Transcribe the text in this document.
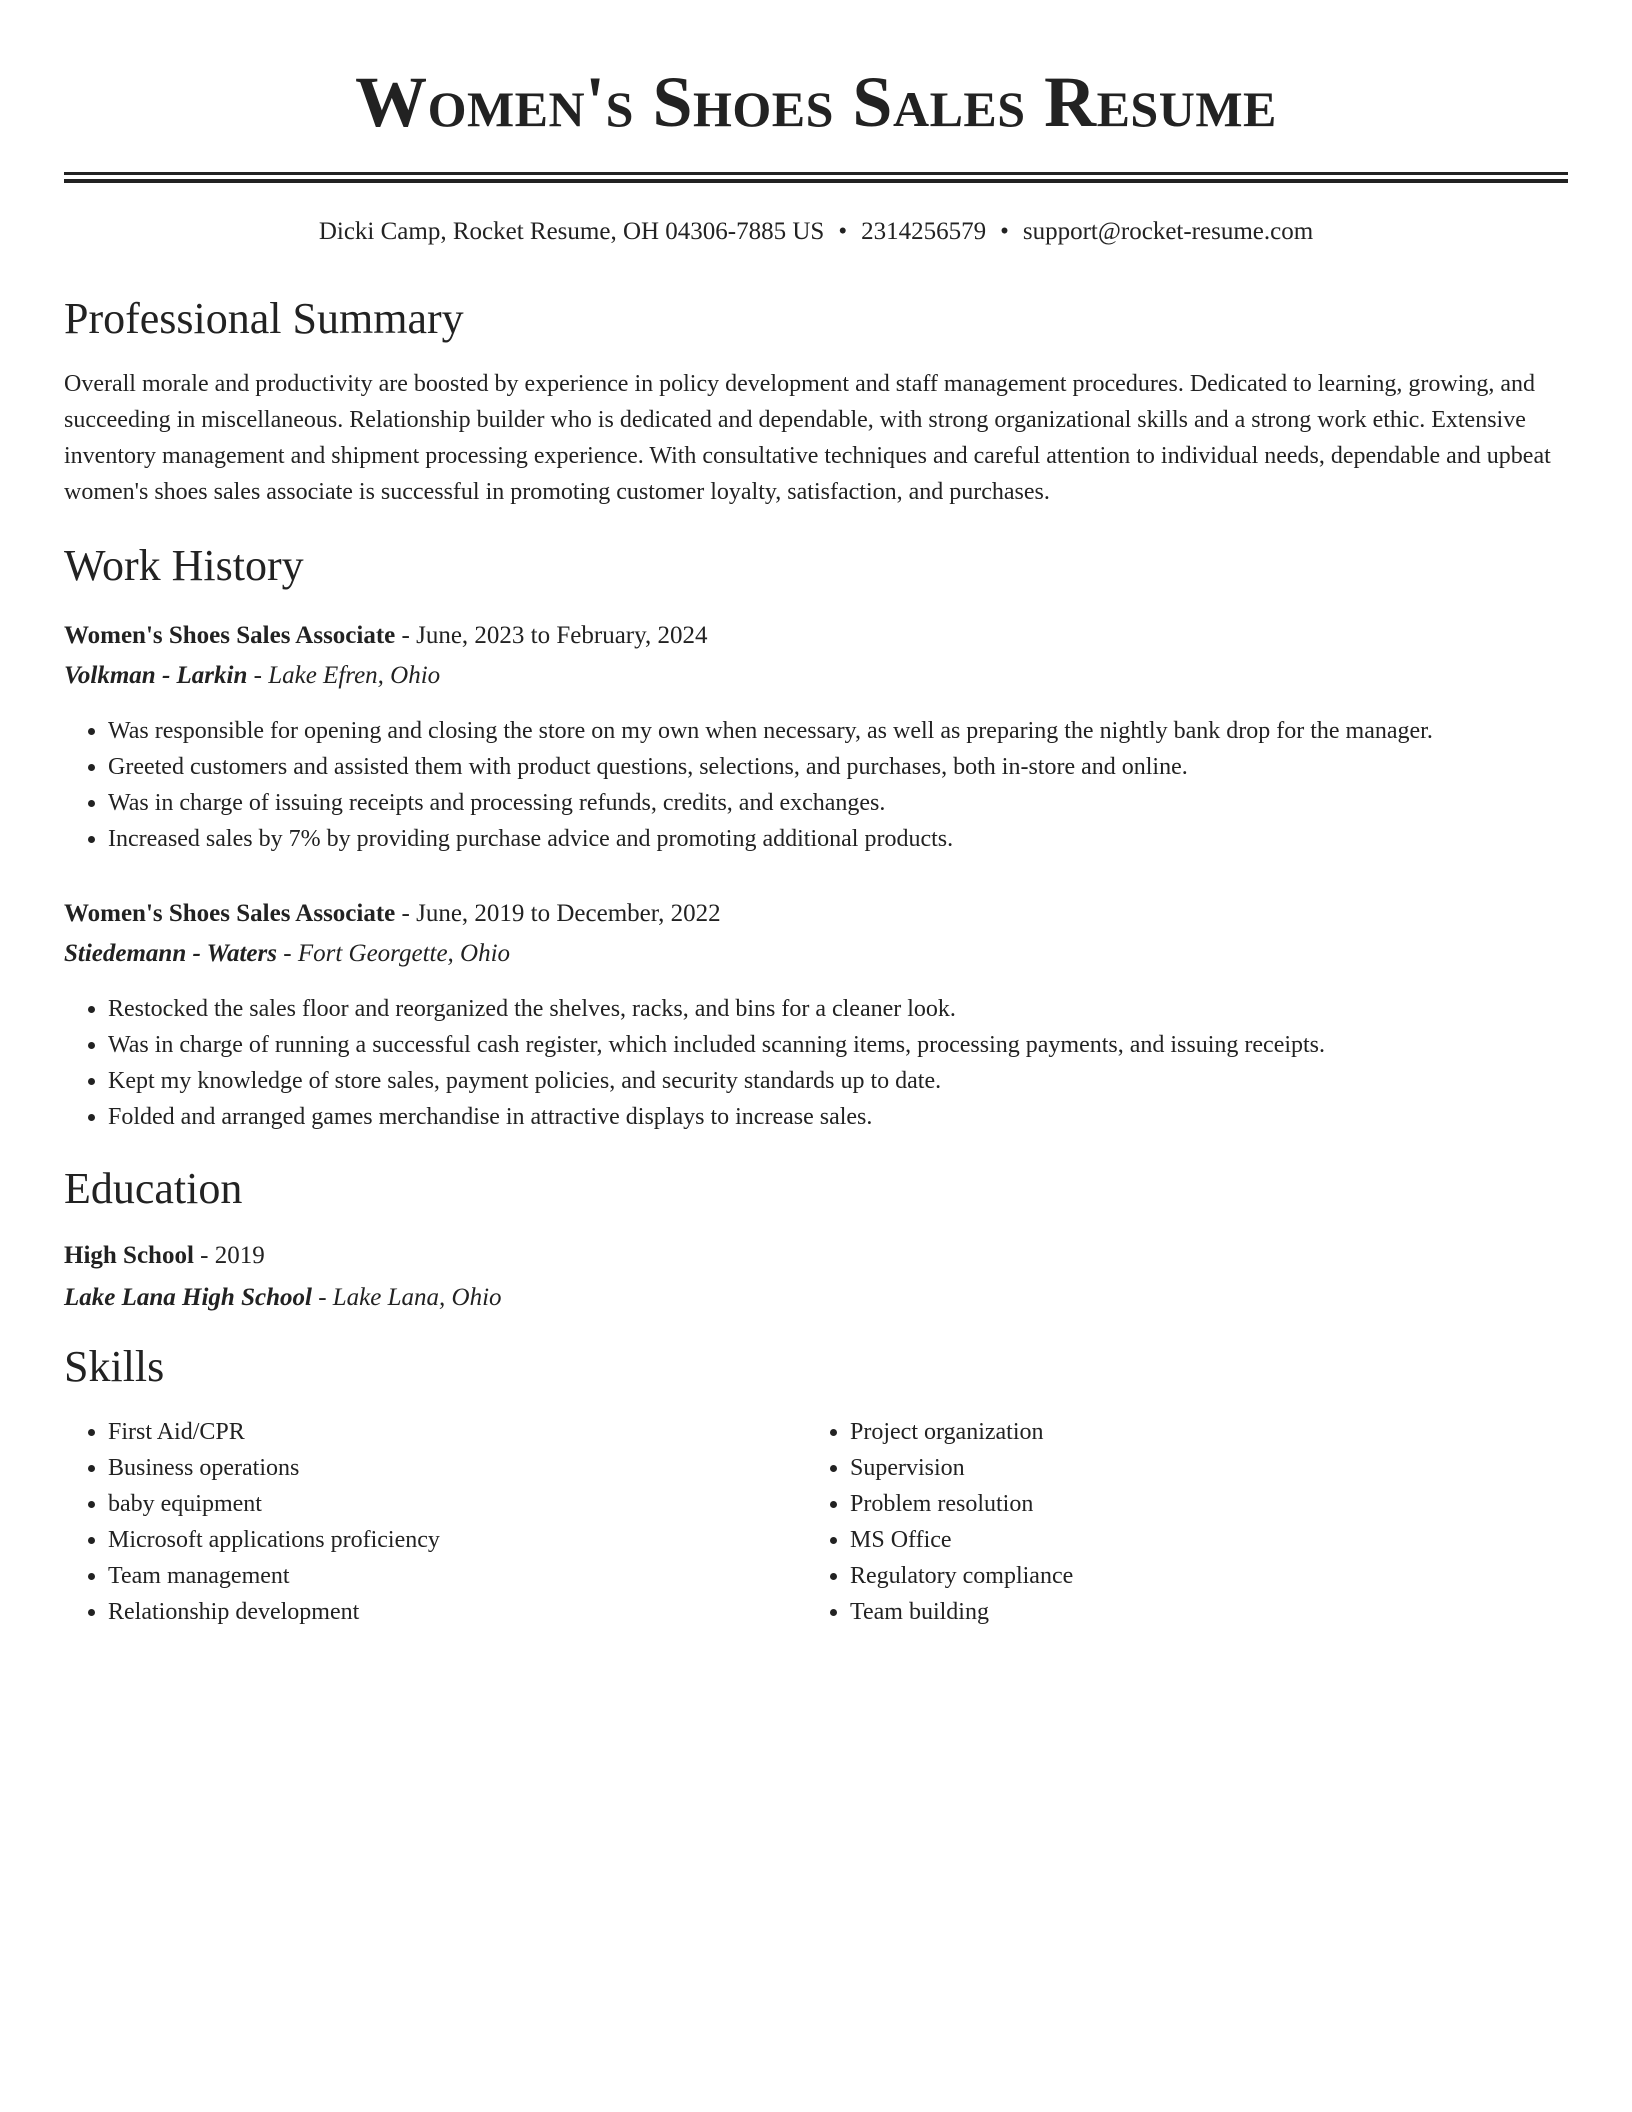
Women's Shoes Sales Resume
Dicki Camp, Rocket Resume, OH 04306-7885 US • 2314256579 • support@rocket-resume.com
Professional Summary

Overall morale and productivity are boosted by experience in policy development and staff management procedures. Dedicated to learning, growing, and succeeding in miscellaneous. Relationship builder who is dedicated and dependable, with strong organizational skills and a strong work ethic. Extensive inventory management and shipment processing experience. With consultative techniques and careful attention to individual needs, dependable and upbeat women's shoes sales associate is successful in promoting customer loyalty, satisfaction, and purchases.

Work History
Women's Shoes Sales Associate - June, 2023 to February, 2024
Volkman - Larkin - Lake Efren, Ohio
• Was responsible for opening and closing the store on my own when necessary, as well as preparing the nightly bank drop for the manager.
• Greeted customers and assisted them with product questions, selections, and purchases, both in-store and online.
• Was in charge of issuing receipts and processing refunds, credits, and exchanges.
• Increased sales by 7% by providing purchase advice and promoting additional products.
Women's Shoes Sales Associate - June, 2019 to December, 2022
Stiedemann - Waters - Fort Georgette, Ohio
• Restocked the sales floor and reorganized the shelves, racks, and bins for a cleaner look.
• Was in charge of running a successful cash register, which included scanning items, processing payments, and issuing receipts.
• Kept my knowledge of store sales, payment policies, and security standards up to date.
• Folded and arranged games merchandise in attractive displays to increase sales.
Education
High School - 2019
Lake Lana High School - Lake Lana, Ohio
Skills
• First Aid/CPR
• Business operations
• baby equipment
• Microsoft applications proficiency
• Team management
• Relationship development
• Project organization
• Supervision
• Problem resolution
• MS Office
• Regulatory compliance
• Team building
